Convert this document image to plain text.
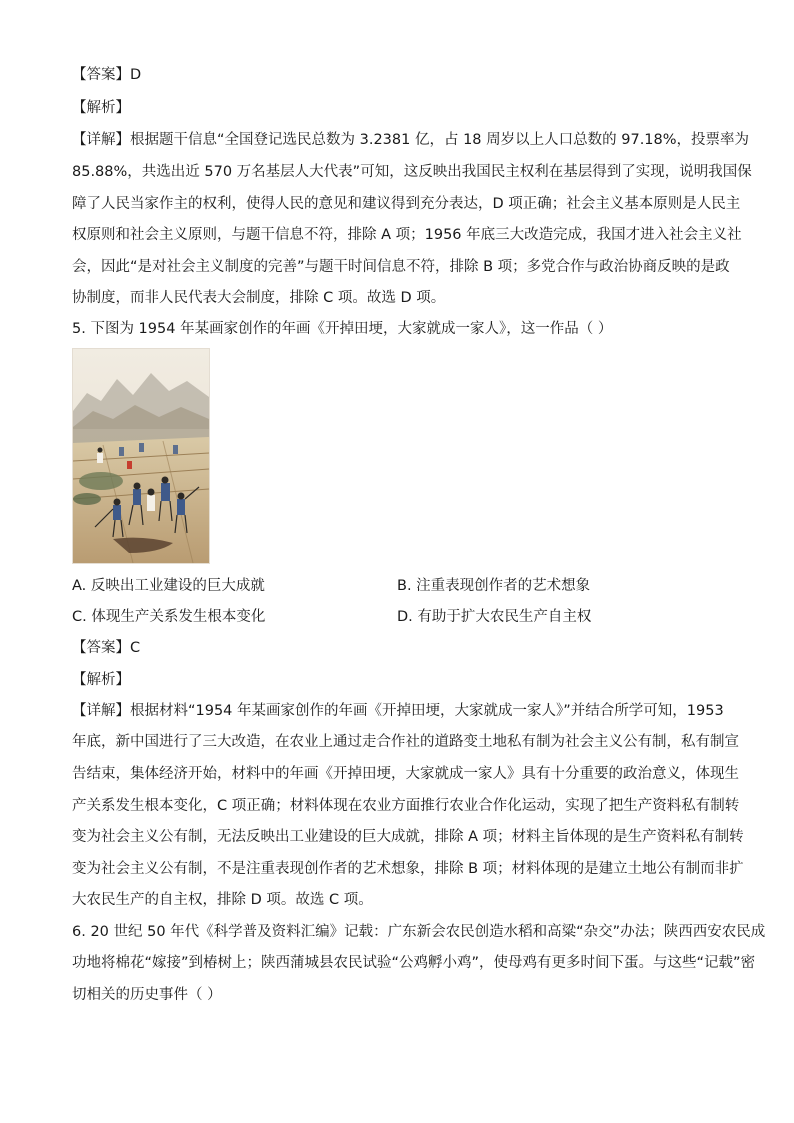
【答案】D
【解析】
【详解】根据题干信息“全国登记选民总数为 3.2381 亿，占 18 周岁以上人口总数的 97.18%，投票率为
85.88%，共选出近 570 万名基层人大代表”可知，这反映出我国民主权利在基层得到了实现，说明我国保
障了人民当家作主的权利，使得人民的意见和建议得到充分表达，D 项正确；社会主义基本原则是人民主
权原则和社会主义原则，与题干信息不符，排除 A 项；1956 年底三大改造完成，我国才进入社会主义社
会，因此“是对社会主义制度的完善”与题干时间信息不符，排除 B 项；多党合作与政治协商反映的是政
协制度，而非人民代表大会制度，排除 C 项。故选 D 项。
5. 下图为 1954 年某画家创作的年画《开掉田埂，大家就成一家人》，这一作品（ ）
A. 反映出工业建设的巨大成就	B. 注重表现创作者的艺术想象
C. 体现生产关系发生根本变化	D. 有助于扩大农民生产自主权
【答案】C
【解析】
【详解】根据材料“1954 年某画家创作的年画《开掉田埂，大家就成一家人》”并结合所学可知，1953
年底，新中国进行了三大改造，在农业上通过走合作社的道路变土地私有制为社会主义公有制，私有制宣
告结束，集体经济开始，材料中的年画《开掉田埂，大家就成一家人》具有十分重要的政治意义，体现生
产关系发生根本变化，C 项正确；材料体现在农业方面推行农业合作化运动，实现了把生产资料私有制转
变为社会主义公有制，无法反映出工业建设的巨大成就，排除 A 项；材料主旨体现的是生产资料私有制转
变为社会主义公有制，不是注重表现创作者的艺术想象，排除 B 项；材料体现的是建立土地公有制而非扩
大农民生产的自主权，排除 D 项。故选 C 项。
6. 20 世纪 50 年代《科学普及资料汇编》记载：广东新会农民创造水稻和高粱“杂交”办法；陕西西安农民成
功地将棉花“嫁接”到椿树上；陕西蒲城县农民试验“公鸡孵小鸡”，使母鸡有更多时间下蛋。与这些“记载”密
切相关的历史事件（ ）
